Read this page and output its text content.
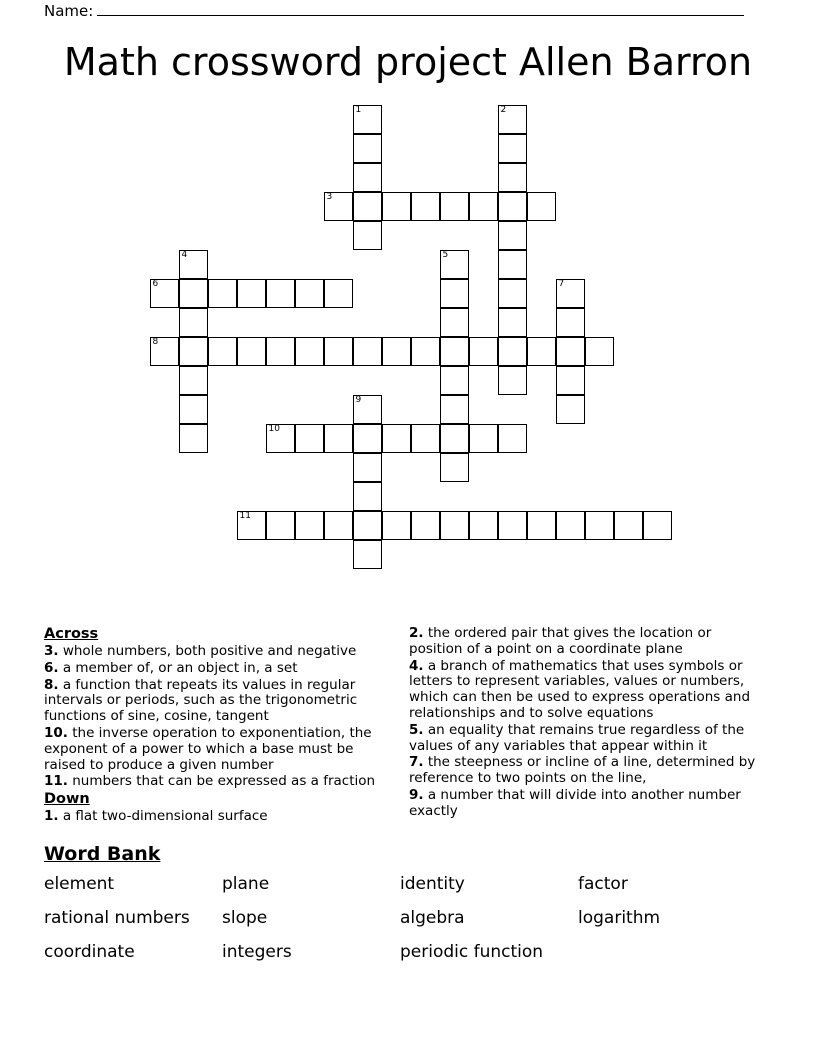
Name:
Math crossword project Allen Barron
1	2
3
4	5
6	7
8
9
10
11
Across

3. whole numbers, both positive and negative

6. a member of, or an object in, a set

8. a function that repeats its values in regular intervals or periods, such as the trigonometric functions of sine, cosine, tangent

10. the inverse operation to exponentiation, the exponent of a power to which a base must be raised to produce a given number

11. numbers that can be expressed as a fraction

Down

1. a flat two-dimensional surface

2. the ordered pair that gives the location or position of a point on a coordinate plane

4. a branch of mathematics that uses symbols or letters to represent variables, values or numbers, which can then be used to express operations and relationships and to solve equations

5. an equality that remains true regardless of the values of any variables that appear within it

7. the steepness or incline of a line, determined by reference to two points on the line,

9. a number that will divide into another number exactly

Word Bank
element	plane	identity	factor
rational numbers	slope	algebra	logarithm
coordinate	integers	periodic function
